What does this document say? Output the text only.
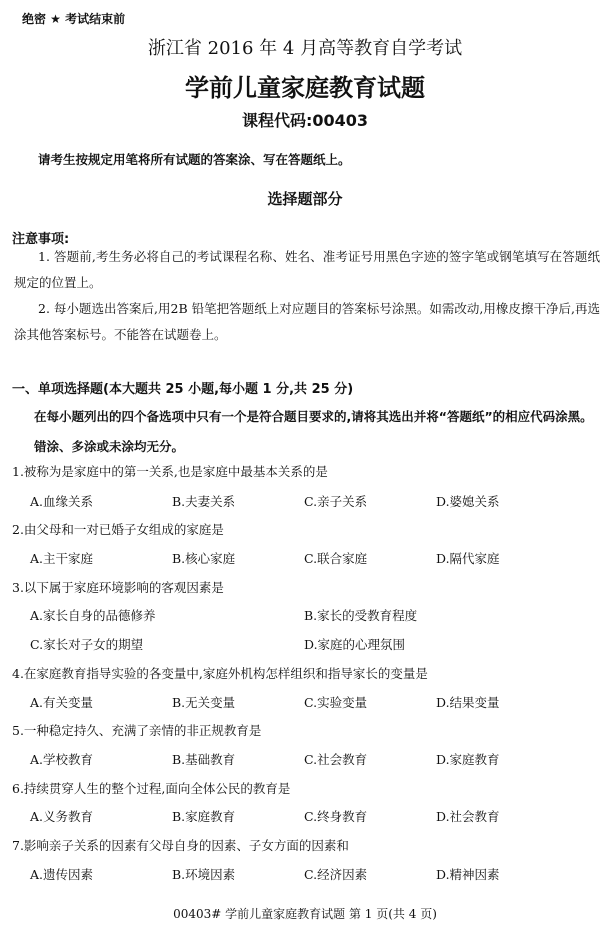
绝密 ★ 考试结束前
浙江省 2016 年 4 月高等教育自学考试
学前儿童家庭教育试题
课程代码:00403
请考生按规定用笔将所有试题的答案涂、写在答题纸上。
选择题部分
注意事项:
1. 答题前,考生务必将自己的考试课程名称、姓名、准考证号用黑色字迹的签字笔或钢笔填写在答题纸规定的位置上。
2. 每小题选出答案后,用2B 铅笔把答题纸上对应题目的答案标号涂黑。如需改动,用橡皮擦干净后,再选涂其他答案标号。不能答在试题卷上。
一、单项选择题(本大题共 25 小题,每小题 1 分,共 25 分)
在每小题列出的四个备选项中只有一个是符合题目要求的,请将其选出并将“答题纸”的相应代码涂黑。错涂、多涂或未涂均无分。
1.被称为是家庭中的第一关系,也是家庭中最基本关系的是
A.血缘关系	B.夫妻关系	C.亲子关系	D.婆媳关系
2.由父母和一对已婚子女组成的家庭是
A.主干家庭	B.核心家庭	C.联合家庭	D.隔代家庭
3.以下属于家庭环境影响的客观因素是
A.家长自身的品德修养	B.家长的受教育程度
C.家长对子女的期望	D.家庭的心理氛围
4.在家庭教育指导实验的各变量中,家庭外机构怎样组织和指导家长的变量是
A.有关变量	B.无关变量	C.实验变量	D.结果变量
5.一种稳定持久、充满了亲情的非正规教育是
A.学校教育	B.基础教育	C.社会教育	D.家庭教育
6.持续贯穿人生的整个过程,面向全体公民的教育是
A.义务教育	B.家庭教育	C.终身教育	D.社会教育
7.影响亲子关系的因素有父母自身的因素、子女方面的因素和
A.遗传因素	B.环境因素	C.经济因素	D.精神因素
00403# 学前儿童家庭教育试题 第 1 页(共 4 页)
